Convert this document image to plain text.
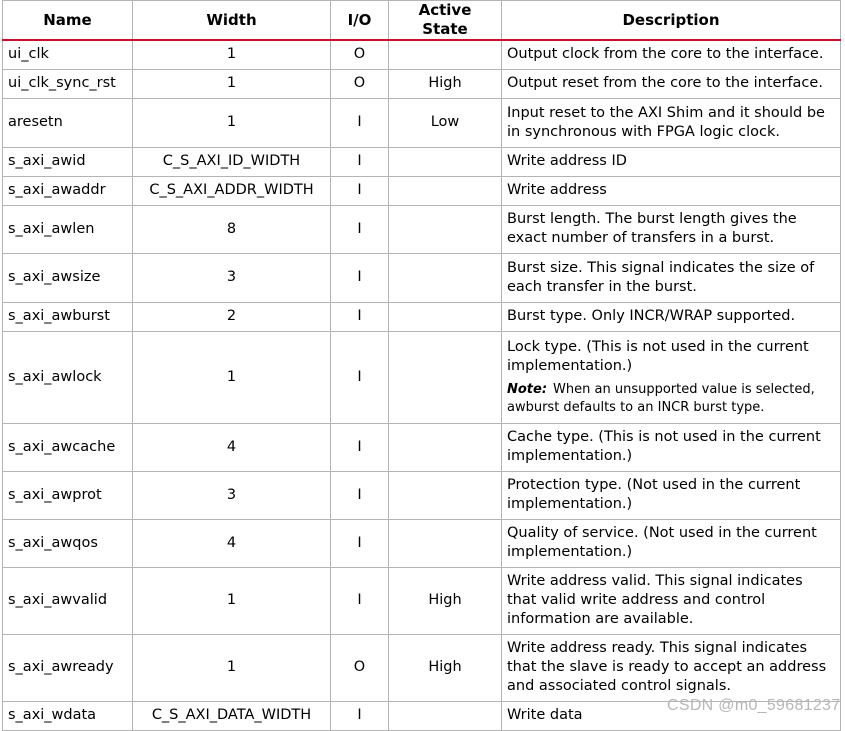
Name	Width	I/O	Active State	Description
ui_clk	1	O		Output clock from the core to the interface.

ui_clk_sync_rst	1	O	High	Output reset from the core to the interface.

aresetn	1	I	Low	Input reset to the AXI Shim and it should be in synchronous with FPGA logic clock.

s_axi_awid	C_S_AXI_ID_WIDTH	I		Write address ID

s_axi_awaddr	C_S_AXI_ADDR_WIDTH	I		Write address

s_axi_awlen	8	I		Burst length. The burst length gives the exact number of transfers in a burst.

s_axi_awsize	3	I		Burst size. This signal indicates the size of each transfer in the burst.

s_axi_awburst	2	I		Burst type. Only INCR/WRAP supported.

s_axi_awlock	1	I		Lock type. (This is not used in the current implementation.)
Note: When an unsupported value is selected, awburst defaults to an INCR burst type.

s_axi_awcache	4	I		Cache type. (This is not used in the current implementation.)

s_axi_awprot	3	I		Protection type. (Not used in the current implementation.)

s_axi_awqos	4	I		Quality of service. (Not used in the current implementation.)

s_axi_awvalid	1	I	High	Write address valid. This signal indicates that valid write address and control information are available.

s_axi_awready	1	O	High	Write address ready. This signal indicates that the slave is ready to accept an address and associated control signals.

s_axi_wdata	C_S_AXI_DATA_WIDTH	I		Write data
CSDN @m0_59681237
